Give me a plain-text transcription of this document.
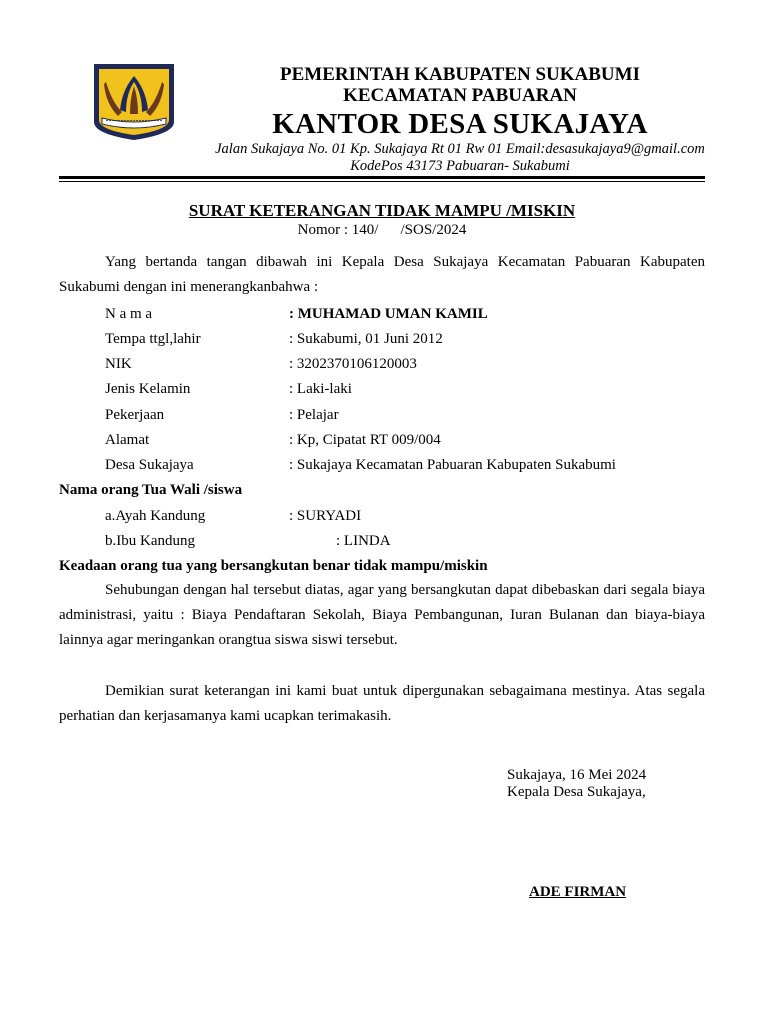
PEMERINTAH KABUPATEN SUKABUMI
KECAMATAN PABUARAN
KANTOR DESA SUKAJAYA
Jalan Sukajaya No. 01 Kp. Sukajaya Rt 01 Rw 01 Email:desasukajaya9@gmail.com
KodePos 43173 Pabuaran- Sukabumi
SURAT KETERANGAN TIDAK MAMPU /MISKIN
Nomor : 140/ /SOS/2024
Yang bertanda tangan dibawah ini Kepala Desa Sukajaya Kecamatan Pabuaran Kabupaten Sukabumi dengan ini menerangkanbahwa :
N a m a	: MUHAMAD UMAN KAMIL
Tempa ttgl,lahir	: Sukabumi, 01 Juni 2012
NIK	: 3202370106120003
Jenis Kelamin	: Laki-laki
Pekerjaan	: Pelajar
Alamat	: Kp, Cipatat RT 009/004
Desa Sukajaya	: Sukajaya Kecamatan Pabuaran Kabupaten Sukabumi
Nama orang Tua Wali /siswa
a.Ayah Kandung	: SURYADI
b.Ibu Kandung	: LINDA
Keadaan orang tua yang bersangkutan benar tidak mampu/miskin
Sehubungan dengan hal tersebut diatas, agar yang bersangkutan dapat dibebaskan dari segala biaya administrasi, yaitu : Biaya Pendaftaran Sekolah, Biaya Pembangunan, Iuran Bulanan dan biaya-biaya lainnya agar meringankan orangtua siswa siswi tersebut.
Demikian surat keterangan ini kami buat untuk dipergunakan sebagaimana mestinya. Atas segala perhatian dan kerjasamanya kami ucapkan terimakasih.
Sukajaya, 16 Mei 2024
Kepala Desa Sukajaya,
ADE FIRMAN
